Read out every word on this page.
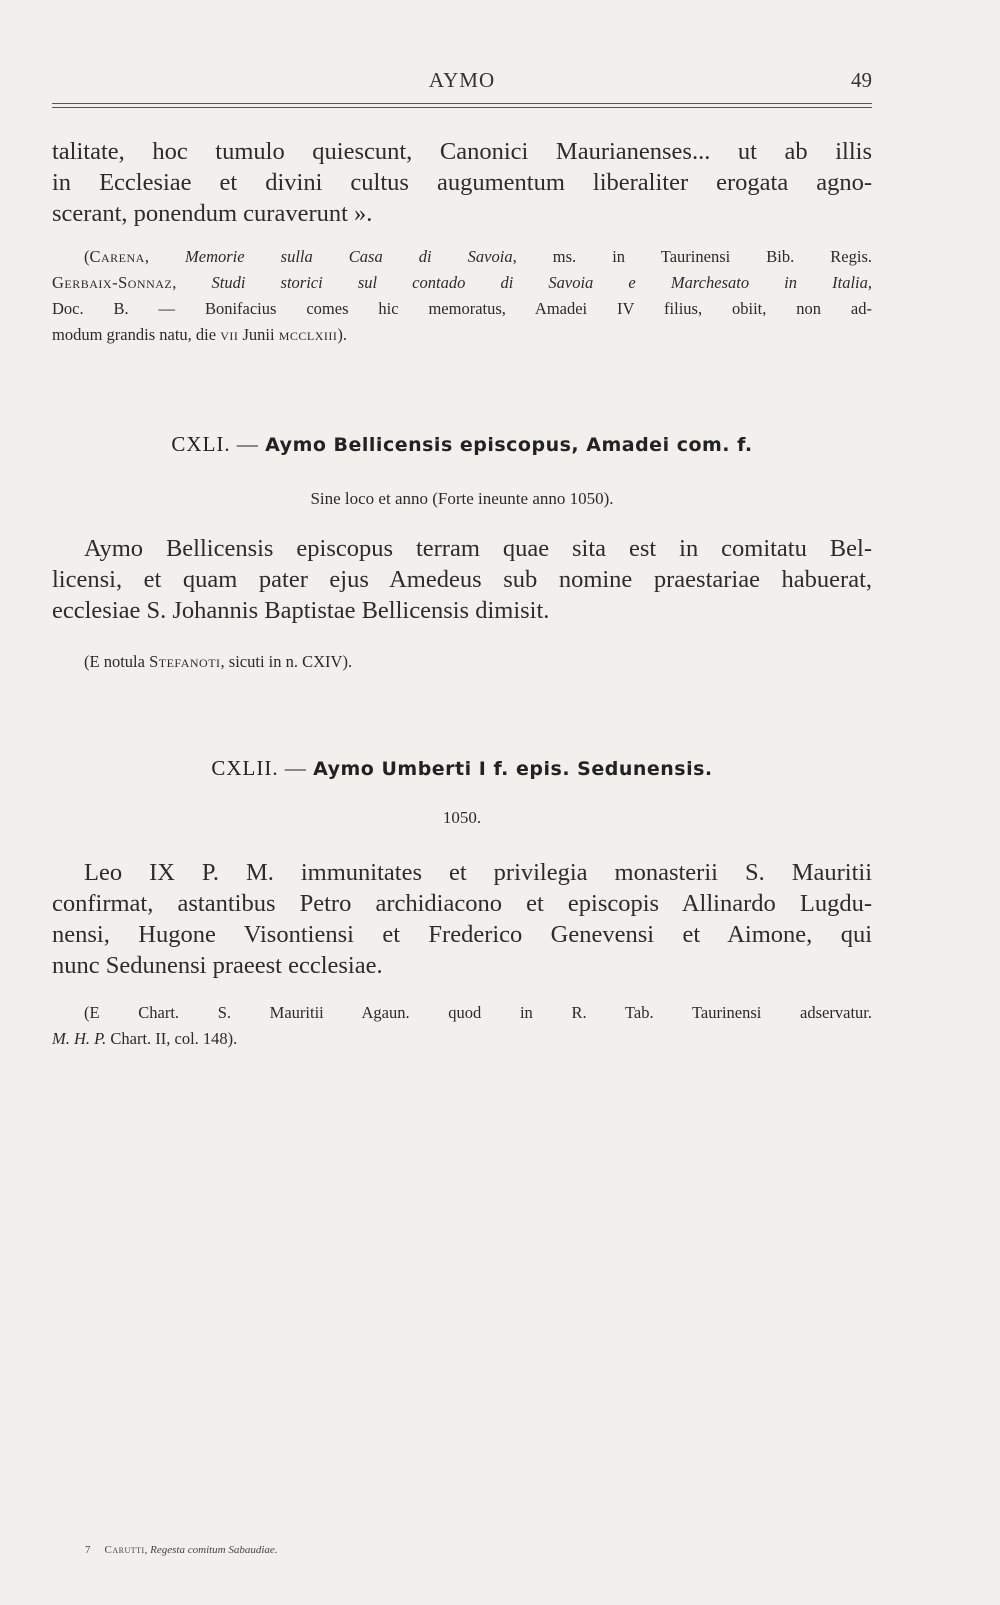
AYMO	49
talitate, hoc tumulo quiescunt, Canonici Maurianenses... ut ab illis
in Ecclesiae et divini cultus augumentum liberaliter erogata agno-
scerant, ponendum curaverunt ».
(Carena, Memorie sulla Casa di Savoia, ms. in Taurinensi Bib. Regis.
Gerbaix-Sonnaz, Studi storici sul contado di Savoia e Marchesato in Italia,
Doc. B. — Bonifacius comes hic memoratus, Amadei IV filius, obiit, non ad-
modum grandis natu, die vii Junii mcclxiii).
CXLI. — Aymo Bellicensis episcopus, Amadei com. f.
Sine loco et anno (Forte ineunte anno 1050).
Aymo Bellicensis episcopus terram quae sita est in comitatu Bel-
licensi, et quam pater ejus Amedeus sub nomine praestariae habuerat,
ecclesiae S. Johannis Baptistae Bellicensis dimisit.
(E notula Stefanoti, sicuti in n. CXIV).
CXLII. — Aymo Umberti I f. epis. Sedunensis.
1050.
Leo IX P. M. immunitates et privilegia monasterii S. Mauritii
confirmat, astantibus Petro archidiacono et episcopis Allinardo Lugdu-
nensi, Hugone Visontiensi et Frederico Genevensi et Aimone, qui
nunc Sedunensi praeest ecclesiae.
(E Chart. S. Mauritii Agaun. quod in R. Tab. Taurinensi adservatur.
M. H. P. Chart. II, col. 148).
7 Carutti, Regesta comitum Sabaudiae.
